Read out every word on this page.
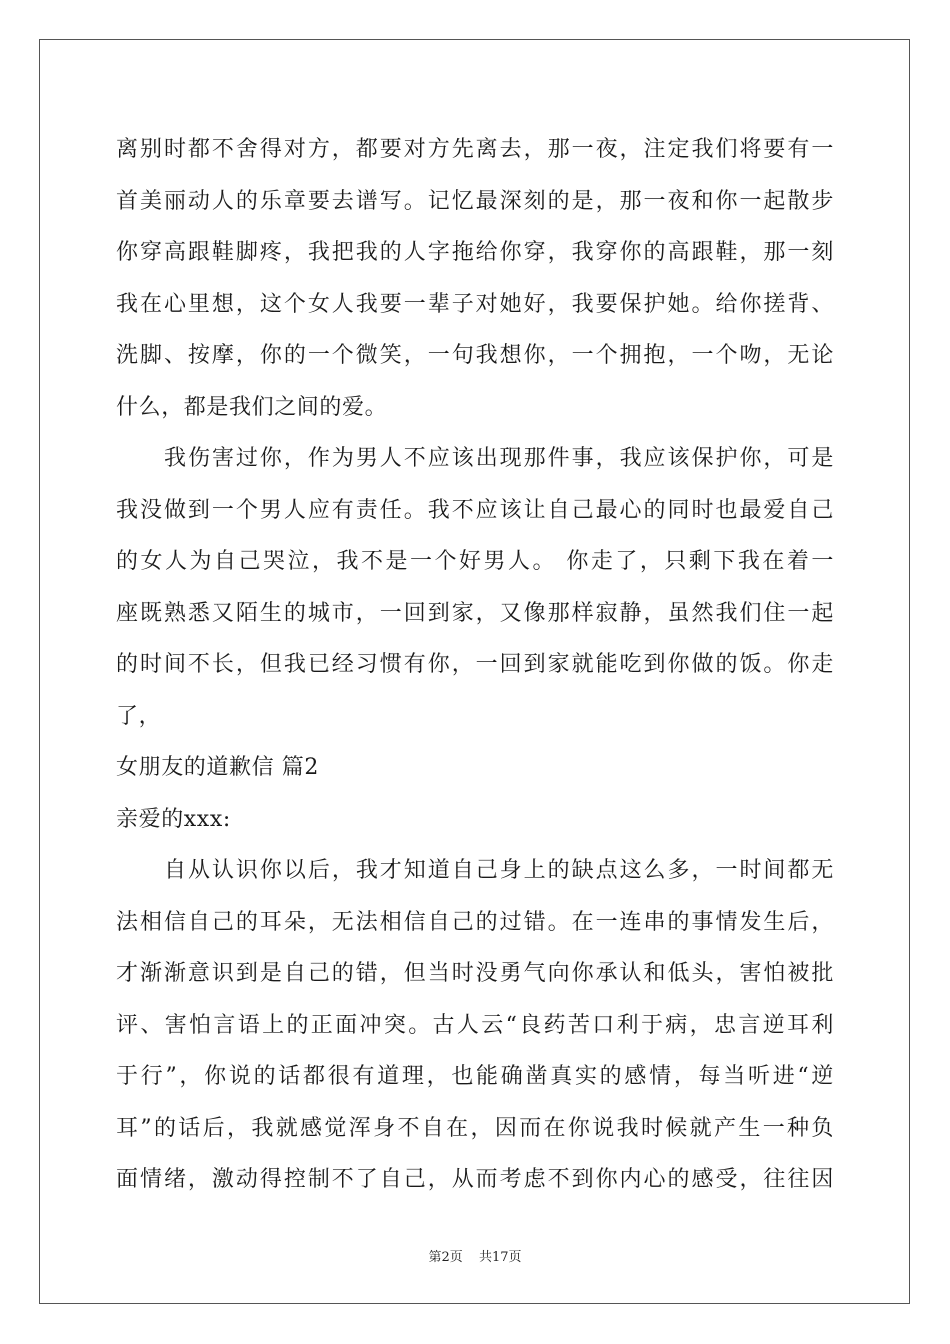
离别时都不舍得对方，都要对方先离去，那一夜，注定我们将要有一
首美丽动人的乐章要去谱写。记忆最深刻的是，那一夜和你一起散步
你穿高跟鞋脚疼，我把我的人字拖给你穿，我穿你的高跟鞋，那一刻
我在心里想，这个女人我要一辈子对她好，我要保护她。给你搓背、
洗脚、按摩，你的一个微笑，一句我想你，一个拥抱，一个吻，无论
什么，都是我们之间的爱。
我伤害过你，作为男人不应该出现那件事，我应该保护你，可是
我没做到一个男人应有责任。我不应该让自己最心的同时也最爱自己
的女人为自己哭泣，我不是一个好男人。 你走了，只剩下我在着一
座既熟悉又陌生的城市，一回到家，又像那样寂静，虽然我们住一起
的时间不长，但我已经习惯有你，一回到家就能吃到你做的饭。你走
了，
女朋友的道歉信 篇2
亲爱的xxx:
自从认识你以后，我才知道自己身上的缺点这么多，一时间都无
法相信自己的耳朵，无法相信自己的过错。在一连串的事情发生后，
才渐渐意识到是自己的错，但当时没勇气向你承认和低头，害怕被批
评、害怕言语上的正面冲突。古人云“良药苦口利于病，忠言逆耳利
于行”，你说的话都很有道理，也能确凿真实的感情，每当听进“逆
耳”的话后，我就感觉浑身不自在，因而在你说我时候就产生一种负
面情绪，激动得控制不了自己，从而考虑不到你内心的感受，往往因
第2页 共17页
